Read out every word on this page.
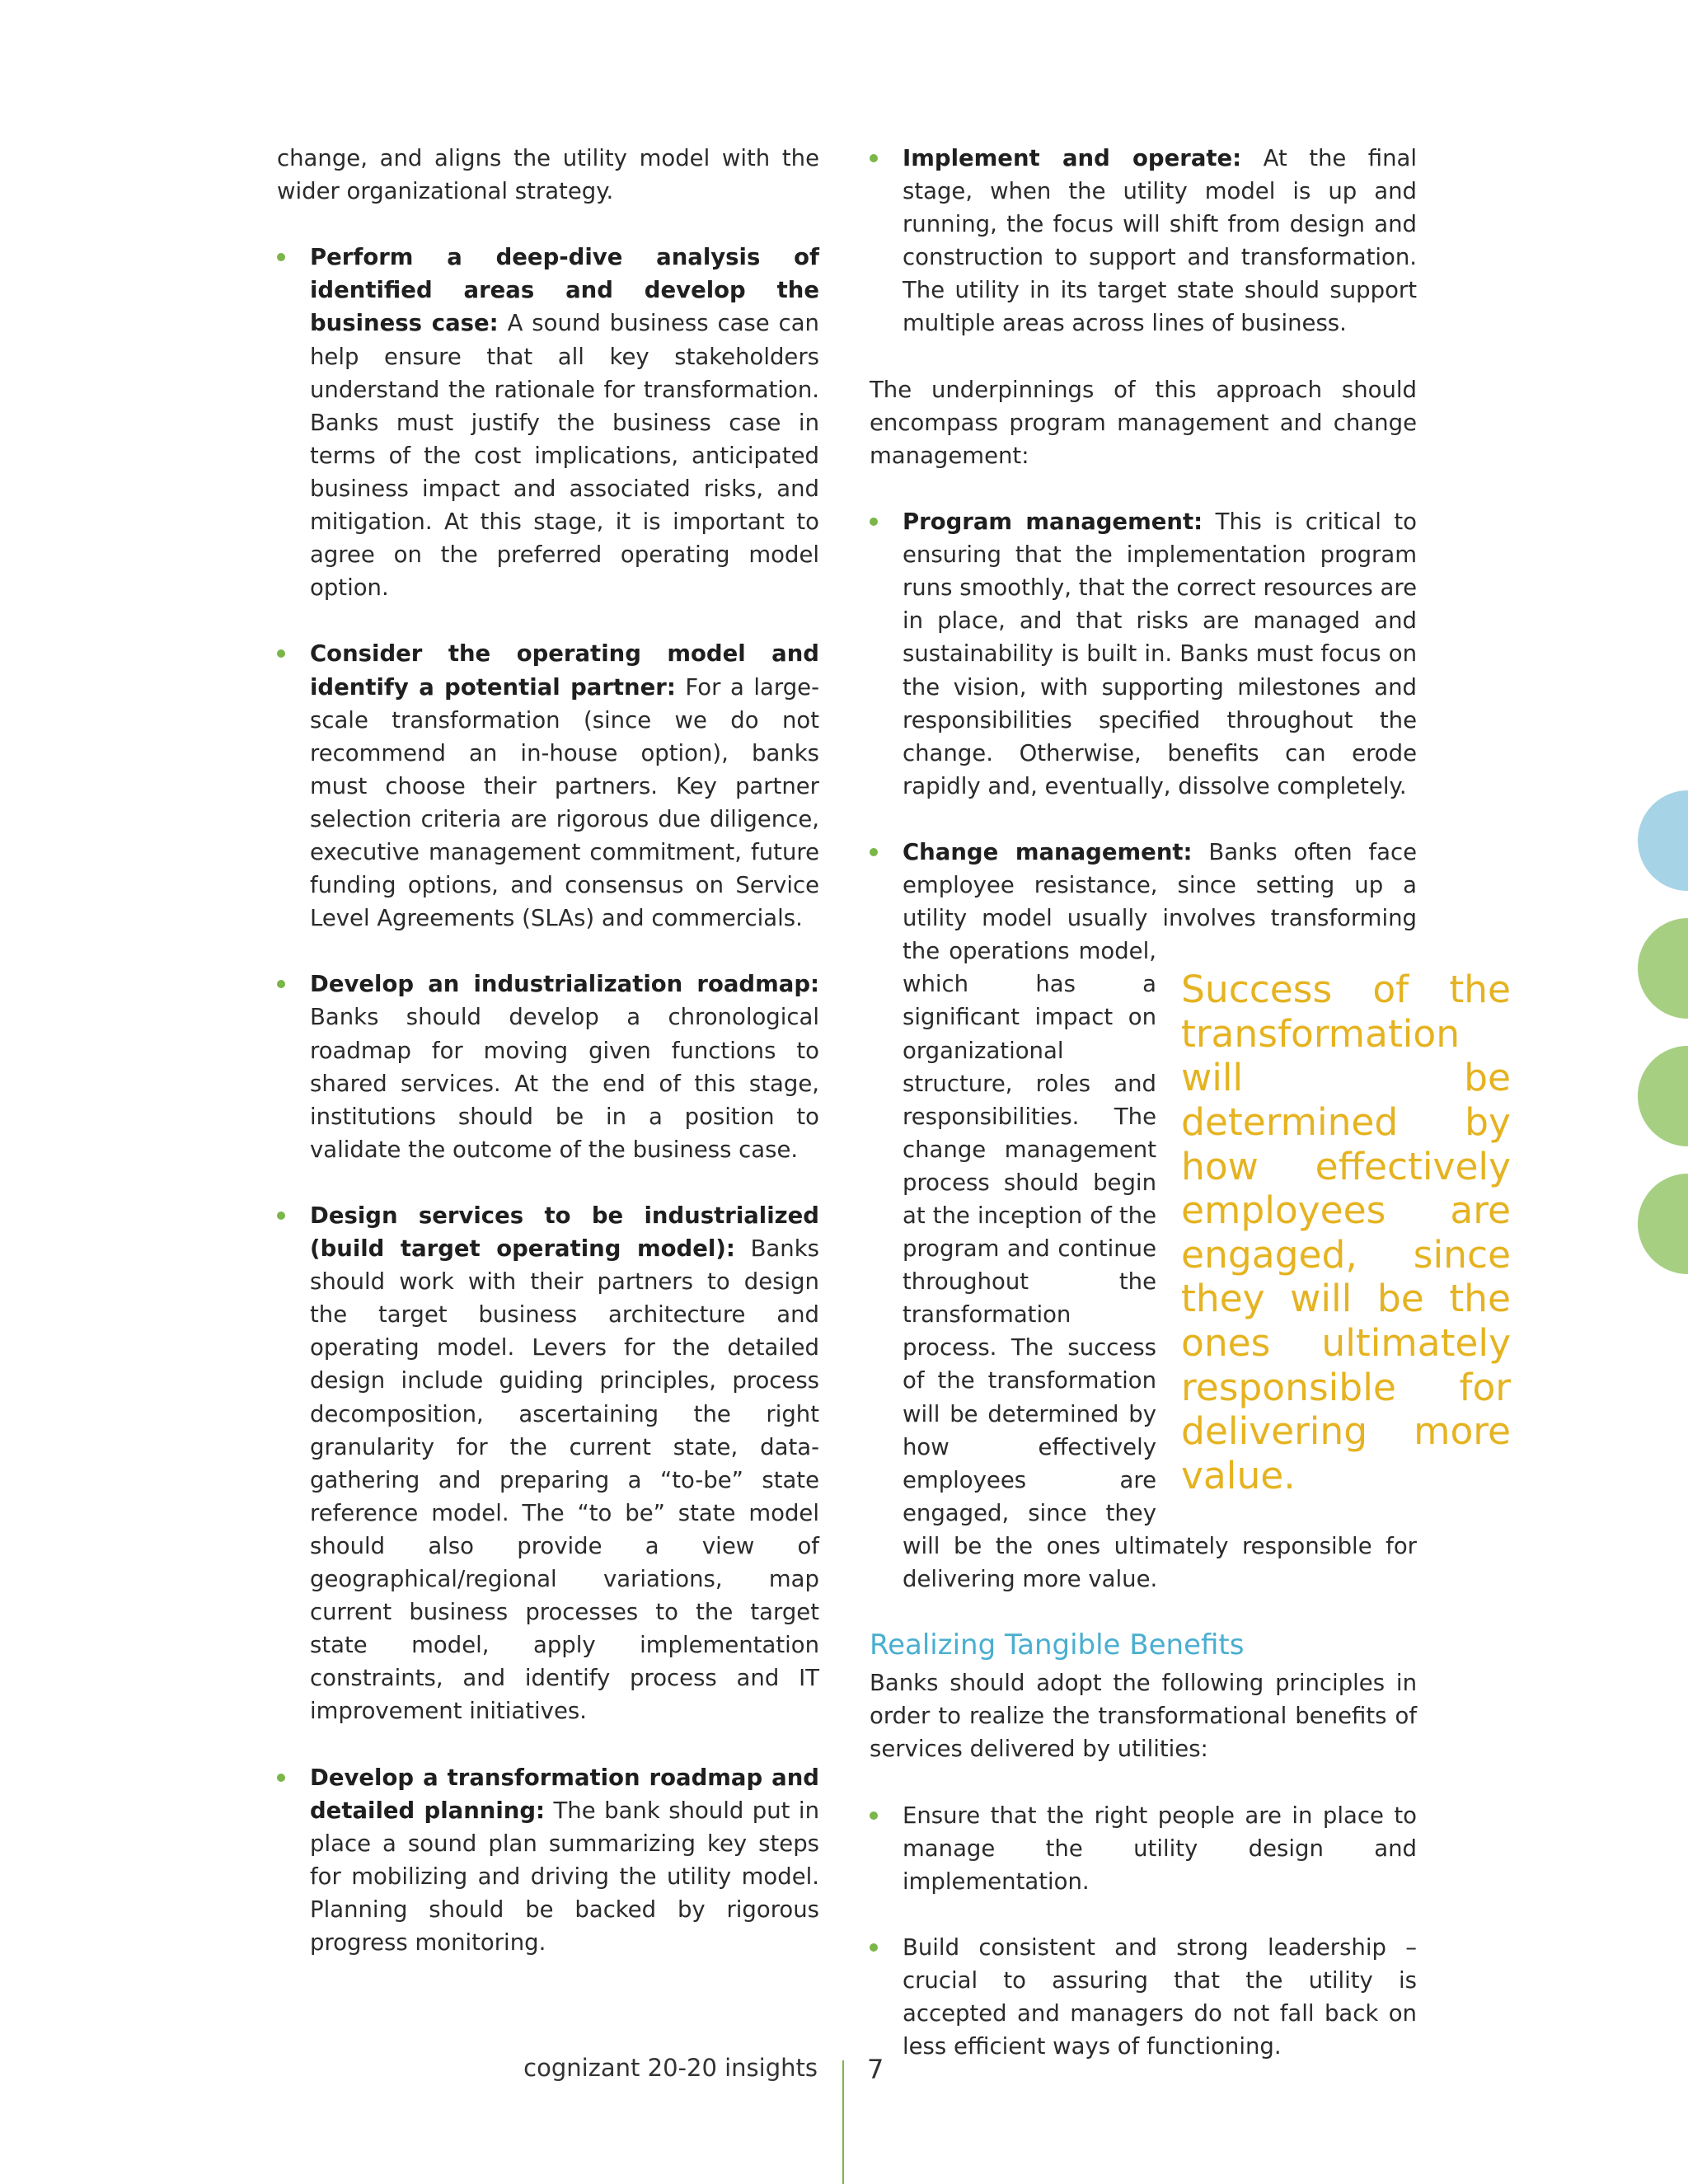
change, and aligns the utility model with the wider organizational strategy.

Perform a deep-dive analysis of identified areas and develop the business case: A sound business case can help ensure that all key stakeholders understand the rationale for transformation. Banks must justify the business case in terms of the cost implications, anticipated business impact and associated risks, and mitigation. At this stage, it is important to agree on the preferred operating model option.
Consider the operating model and identify a potential partner: For a large-scale transformation (since we do not recommend an in-house option), banks must choose their partners. Key partner selection criteria are rigorous due diligence, executive management commitment, future funding options, and consensus on Service Level Agreements (SLAs) and commercials.
Develop an industrialization roadmap: Banks should develop a chronological roadmap for moving given functions to shared services. At the end of this stage, institutions should be in a position to validate the outcome of the business case.
Design services to be industrialized (build target operating model): Banks should work with their partners to design the target business architecture and operating model. Levers for the detailed design include guiding principles, process decomposition, ascertaining the right granularity for the current state, data-gathering and preparing a “to-be” state reference model. The “to be” state model should also provide a view of geographical/regional variations, map current business processes to the target state model, apply implementation constraints, and identify process and IT improvement initiatives.
Develop a transformation roadmap and detailed planning: The bank should put in place a sound plan summarizing key steps for mobilizing and driving the utility model. Planning should be backed by rigorous progress monitoring.
Implement and operate: At the final stage, when the utility model is up and running, the focus will shift from design and construction to support and transformation. The utility in its target state should support multiple areas across lines of business.

The underpinnings of this approach should encompass program management and change management:

Program management: This is critical to ensuring that the implementation program runs smoothly, that the correct resources are in place, and that risks are managed and sustainability is built in. Banks must focus on the vision, with supporting milestones and responsibilities specified throughout the change. Otherwise, benefits can erode rapidly and, eventually, dissolve completely.
Change management: Banks often face employee resistance, since setting up a utility model usually involves

Success of the transformation will be determined by how effectively employees are engaged, since they will be the ones ultimately responsible for delivering more value.

transforming the operations model, which has a significant impact on organizational structure, roles and responsibilities. The change management process should begin at the inception of the program and continue throughout the transformation process. The success of the transformation will be determined by how effectively employees are engaged, since they will be the ones ultimately responsible for delivering more value.
Realizing Tangible Benefits

Banks should adopt the following principles in order to realize the transformational benefits of services delivered by utilities:

Ensure that the right people are in place to manage the utility design and implementation.
Build consistent and strong leadership – crucial to assuring that the utility is accepted and managers do not fall back on less efficient ways of functioning.
cognizant 20-20 insights 7
